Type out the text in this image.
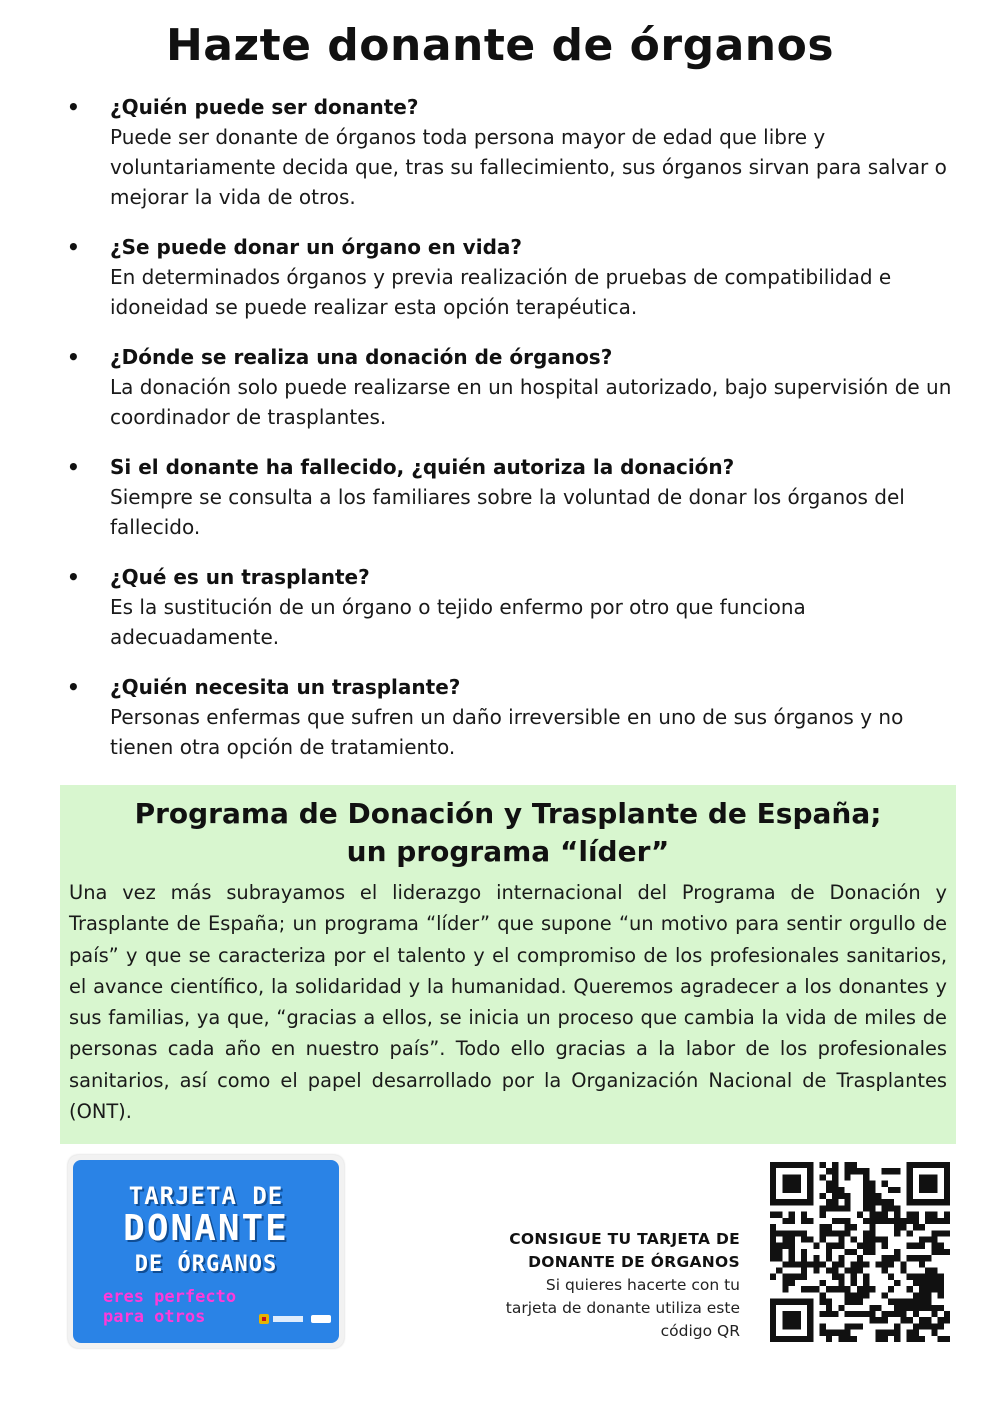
Hazte donante de órganos
• ¿Quién puede ser donante?
Puede ser donante de órganos toda persona mayor de edad que libre y voluntariamente decida que, tras su fallecimiento, sus órganos sirvan para salvar o mejorar la vida de otros.
• ¿Se puede donar un órgano en vida?
En determinados órganos y previa realización de pruebas de compatibilidad e idoneidad se puede realizar esta opción terapéutica.
• ¿Dónde se realiza una donación de órganos?
La donación solo puede realizarse en un hospital autorizado, bajo supervisión de un coordinador de trasplantes.
• Si el donante ha fallecido, ¿quién autoriza la donación?
Siempre se consulta a los familiares sobre la voluntad de donar los órganos del fallecido.
• ¿Qué es un trasplante?
Es la sustitución de un órgano o tejido enfermo por otro que funciona adecuadamente.
• ¿Quién necesita un trasplante?
Personas enfermas que sufren un daño irreversible en uno de sus órganos y no tienen otra opción de tratamiento.
Programa de Donación y Trasplante de España;
un programa “líder”
Una vez más subrayamos el liderazgo internacional del Programa de Donación y Trasplante de España; un programa “líder” que supone “un motivo para sentir orgullo de país” y que se caracteriza por el talento y el compromiso de los profesionales sanitarios, el avance científico, la solidaridad y la humanidad. Queremos agradecer a los donantes y sus familias, ya que, “gracias a ellos, se inicia un proceso que cambia la vida de miles de personas cada año en nuestro país”. Todo ello gracias a la labor de los profesionales sanitarios, así como el papel desarrollado por la Organización Nacional de Trasplantes (ONT).
TARJETA DE
DONANTE
DE ÓRGANOS
eres perfecto
para otros
CONSIGUE TU TARJETA DE
DONANTE DE ÓRGANOS
Si quieres hacerte con tu
tarjeta de donante utiliza este
código QR
